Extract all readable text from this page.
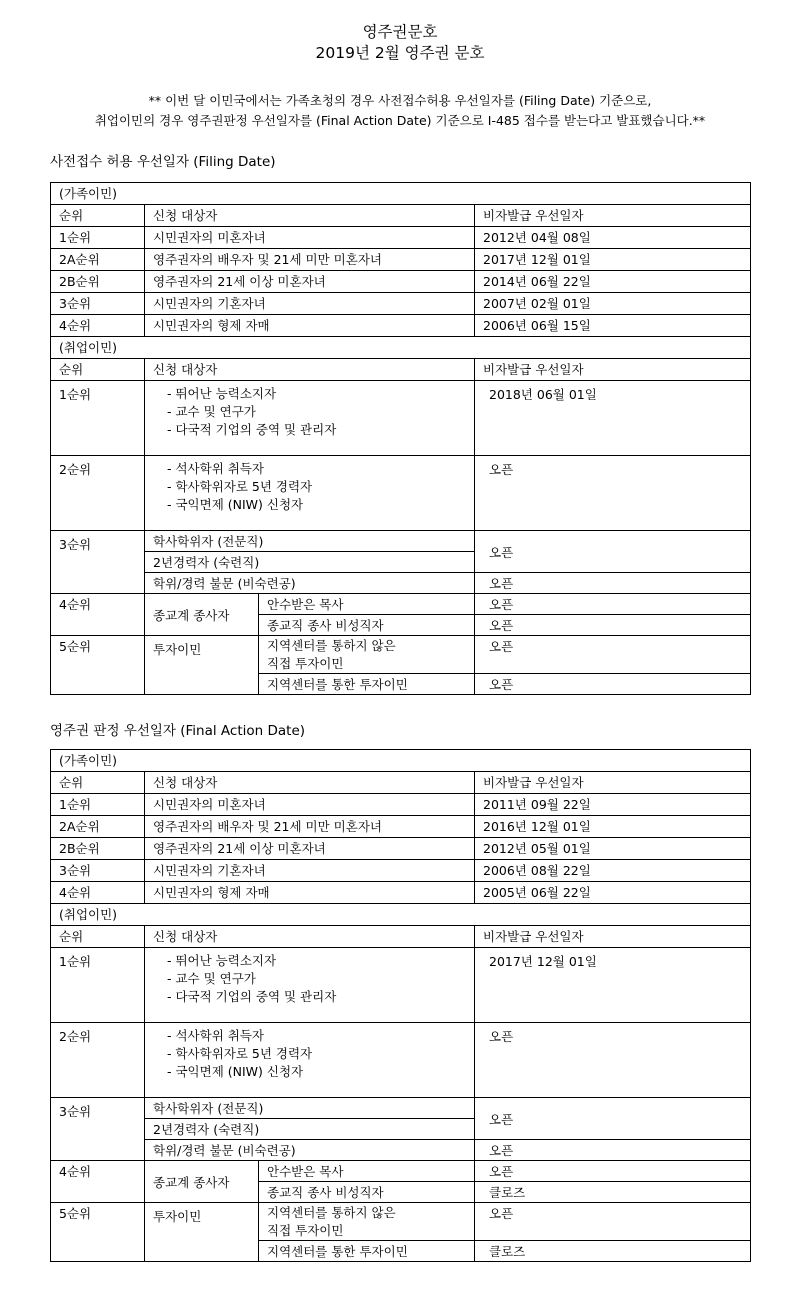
영주권문호
2019년 2월 영주권 문호
** 이번 달 이민국에서는 가족초청의 경우 사전접수허용 우선일자를 (Filing Date) 기준으로,
취업이민의 경우 영주권판정 우선일자를 (Final Action Date) 기준으로 I-485 접수를 받는다고 발표했습니다.**
사전접수 허용 우선일자 (Filing Date)
(가족이민)			
순위	신청 대상자		비자발급 우선일자
1순위	시민권자의 미혼자녀		2012년 04월 08일
2A순위	영주권자의 배우자 및 21세 미만 미혼자녀		2017년 12월 01일
2B순위	영주권자의 21세 이상 미혼자녀		2014년 06월 22일
3순위	시민권자의 기혼자녀		2007년 02월 01일
4순위	시민권자의 형제 자매		2006년 06월 15일
(취업이민)			
순위	신청 대상자		비자발급 우선일자
1순위	- 뛰어난 능력소지자
- 교수 및 연구가
- 다국적 기업의 중역 및 관리자		2018년 06월 01일
2순위	- 석사학위 취득자
- 학사학위자로 5년 경력자
- 국익면제 (NIW) 신청자		오픈
3순위	학사학위자 (전문직)		오픈
	2년경력자 (숙련직)		
	학위/경력 불문 (비숙련공)		오픈
4순위	종교계 종사자	안수받은 목사	오픈
		종교직 종사 비성직자	오픈
5순위	투자이민	지역센터를 통하지 않은
직접 투자이민	오픈
		지역센터를 통한 투자이민	오픈
영주권 판정 우선일자 (Final Action Date)
(가족이민)			
순위	신청 대상자		비자발급 우선일자
1순위	시민권자의 미혼자녀		2011년 09월 22일
2A순위	영주권자의 배우자 및 21세 미만 미혼자녀		2016년 12월 01일
2B순위	영주권자의 21세 이상 미혼자녀		2012년 05월 01일
3순위	시민권자의 기혼자녀		2006년 08월 22일
4순위	시민권자의 형제 자매		2005년 06월 22일
(취업이민)			
순위	신청 대상자		비자발급 우선일자
1순위	- 뛰어난 능력소지자
- 교수 및 연구가
- 다국적 기업의 중역 및 관리자		2017년 12월 01일
2순위	- 석사학위 취득자
- 학사학위자로 5년 경력자
- 국익면제 (NIW) 신청자		오픈
3순위	학사학위자 (전문직)		오픈
	2년경력자 (숙련직)		
	학위/경력 불문 (비숙련공)		오픈
4순위	종교계 종사자	안수받은 목사	오픈
		종교직 종사 비성직자	클로즈
5순위	투자이민	지역센터를 통하지 않은
직접 투자이민	오픈
		지역센터를 통한 투자이민	클로즈
